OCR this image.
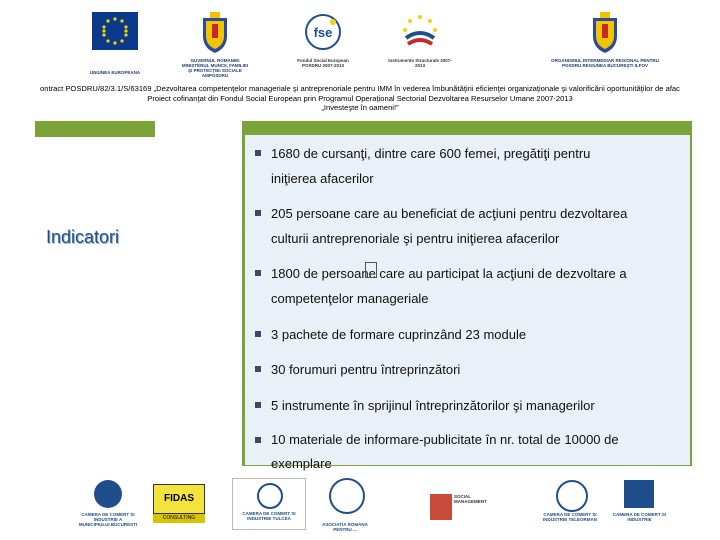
UNIUNEA EUROPEANA
GUVERNUL ROMANIEI MINISTERUL MUNCII, FAMILIEI ŞI PROTECŢIEI SOCIALE AMPOSDRU
fse
Fondul Social European POSDRU 2007-2013
Instrumente Structurale 2007-2013
ORGANISMUL INTERMEDIAR REGIONAL PENTRU POSDRU REGIUNEA BUCUREŞTI ILFOV
ontract POSDRU/82/3.1/S/63169 „Dezvoltarea competenţelor manageriale şi antreprenoriale pentru IMM în vederea îmbunătăţirii eficienţei organizaţionale şi valorificării oportunităţilor de afac
Proiect cofinanţat din Fondul Social European prin Programul Operaţional Sectorial Dezvoltarea Resurselor Umane 2007-2013
„Investeşte în oameni!”
Indicatori
1680 de cursanţi, dintre care 600 femei, pregătiţi pentru
iniţierea afacerilor
205 persoane care au beneficiat de acţiuni pentru dezvoltarea
culturii antreprenoriale şi pentru iniţierea afacerilor
1800 de persoane care au participat la acţiuni de dezvoltare a
competenţelor manageriale
3 pachete de formare cuprinzând 23 module
30 forumuri pentru întreprinzători
5 instrumente în sprijinul întreprinzătorilor şi managerilor
10 materiale de informare-publicitate în nr. total de 10000 de
exemplare
CAMERA DE COMERT SI INDUSTRIE A MUNICIPIULUI BUCURESTI
FIDAS
CONSULTING
CAMERA DE COMERT SI INDUSTRIE TULCEA
ASOCIATIA ROMANA PENTRU ...
SOCIAL MANAGEMENT
CAMERA DE COMERT SI INDUSTRIE TELEORMAN
CAMERA DE COMERT SI INDUSTRIE
